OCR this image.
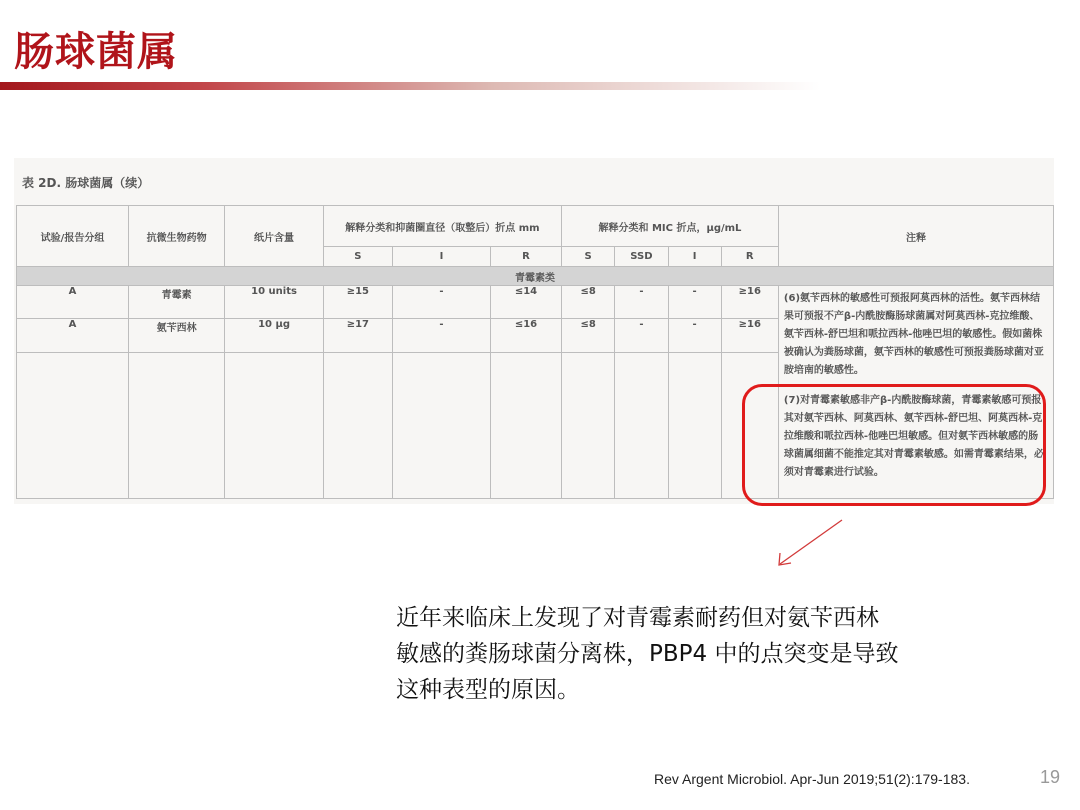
肠球菌属
表 2D. 肠球菌属（续）
试验/报告分组	抗微生物药物	纸片含量	解释分类和抑菌圈直径（取整后）折点 mm			解释分类和 MIC 折点，μg/mL				注释
			S	I	R	S	SSD	I	R	
青霉素类										
A	青霉素	10 units	≥15	-	≤14	≤8	-	-	≥16	(6)氨苄西林的敏感性可预报阿莫西林的活性。氨苄西林结果可预报不产β-内酰胺酶肠球菌属对阿莫西林-克拉维酸、氨苄西林-舒巴坦和哌拉西林-他唑巴坦的敏感性。假如菌株被确认为粪肠球菌，氨苄西林的敏感性可预报粪肠球菌对亚胺培南的敏感性。
(7)对青霉素敏感非产β-内酰胺酶球菌，青霉素敏感可预报其对氨苄西林、阿莫西林、氨苄西林-舒巴坦、阿莫西林-克拉维酸和哌拉西林-他唑巴坦敏感。但对氨苄西林敏感的肠球菌属细菌不能推定其对青霉素敏感。如需青霉素结果，必须对青霉素进行试验。

A	氨苄西林	10 μg	≥17	-	≤16	≤8	-	-	≥16	

近年来临床上发现了对青霉素耐药但对氨苄西林
敏感的粪肠球菌分离株，PBP4 中的点突变是导致
这种表型的原因。
Rev Argent Microbiol. Apr-Jun 2019;51(2):179-183.	19
